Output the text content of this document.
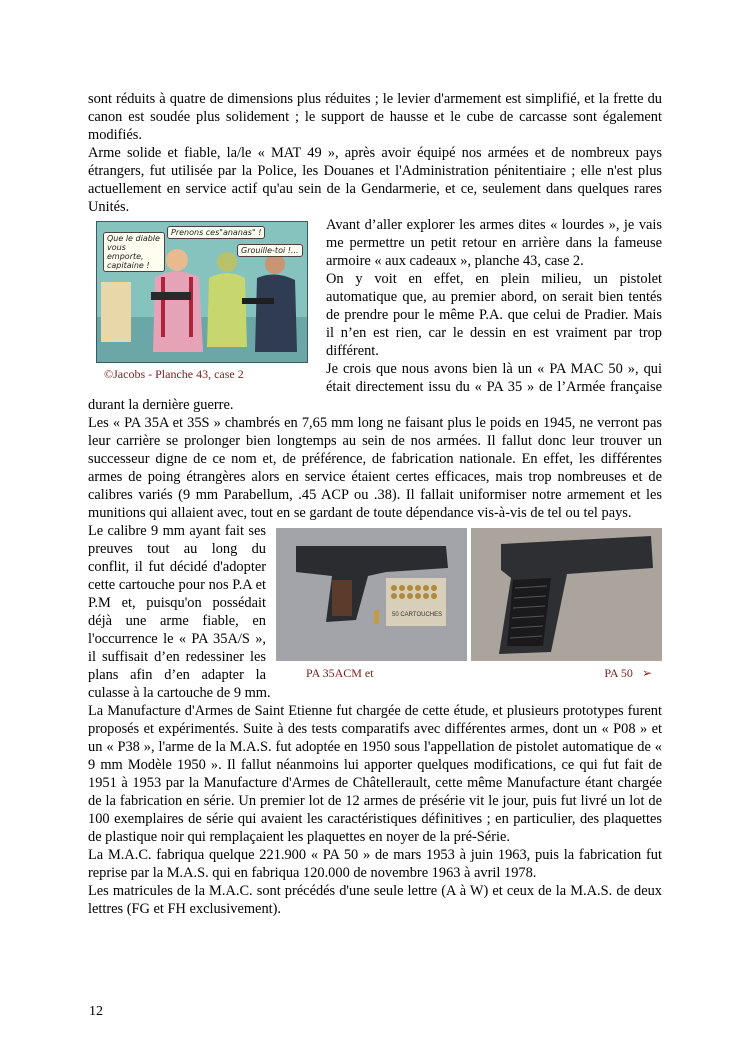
sont réduits à quatre de dimensions plus réduites ; le levier d'armement est simplifié, et la frette du canon est soudée plus solidement ; le support de hausse et le cube de carcasse sont également modifiés.

Arme solide et fiable, la/le « MAT 49 », après avoir équipé nos armées et de nombreux pays étrangers, fut utilisée par la Police, les Douanes et l'Administration pénitentiaire ; elle n'est plus actuellement en service actif qu'au sein de la Gendarmerie, et ce, seulement dans quelques rares Unités.

Que le diable vous emporte, capitaine !
Prenons ces"ananas" !
Grouille-toi !...
©Jacobs - Planche 43, case 2

Avant d’aller explorer les armes dites « lourdes », je vais me permettre un petit retour en arrière dans la fameuse armoire « aux cadeaux », planche 43, case 2.

On y voit en effet, en plein milieu, un pistolet automatique que, au premier abord, on serait bien tentés de prendre pour le même P.A. que celui de Pradier. Mais il n’en est rien, car le dessin en est vraiment par trop différent.

Je crois que nous avons bien là un « PA MAC 50 », qui était directement issu du « PA 35 » de l’Armée française durant la dernière guerre.

Les « PA 35A et 35S » chambrés en 7,65 mm long ne faisant plus le poids en 1945, ne verront pas leur carrière se prolonger bien longtemps au sein de nos armées. Il fallut donc leur trouver un successeur digne de ce nom et, de préférence, de fabrication nationale. En effet, les différentes armes de poing étrangères alors en service étaient certes efficaces, mais trop nombreuses et de calibres variés (9 mm Parabellum, .45 ACP ou .38). Il fallait uniformiser notre armement et les munitions qui allaient avec, tout en se gardant de toute dépendance vis-à-vis de tel ou tel pays.

50 CARTOUCHES
PA 35ACM et	PA 50 ➢

Le calibre 9 mm ayant fait ses preuves tout au long du conflit, il fut décidé d'adopter cette cartouche pour nos P.A et P.M et, puisqu'on possédait déjà une arme fiable, en l'occurrence le « PA 35A/S », il suffisait d’en redessiner les plans afin d’en adapter la culasse à la cartouche de 9 mm.

La Manufacture d'Armes de Saint Etienne fut chargée de cette étude, et plusieurs prototypes furent proposés et expérimentés. Suite à des tests comparatifs avec différentes armes, dont un « P08 » et un « P38 », l'arme de la M.A.S. fut adoptée en 1950 sous l'appellation de pistolet automatique de « 9 mm Modèle 1950 ». Il fallut néanmoins lui apporter quelques modifications, ce qui fut fait de 1951 à 1953 par la Manufacture d'Armes de Châtellerault, cette même Manufacture étant chargée de la fabrication en série. Un premier lot de 12 armes de présérie vit le jour, puis fut livré un lot de 100 exemplaires de série qui avaient les caractéristiques définitives ; en particulier, des plaquettes de plastique noir qui remplaçaient les plaquettes en noyer de la pré-Série.

La M.A.C. fabriqua quelque 221.900 « PA 50 » de mars 1953 à juin 1963, puis la fabrication fut reprise par la M.A.S. qui en fabriqua 120.000 de novembre 1963 à avril 1978.

Les matricules de la M.A.C. sont précédés d'une seule lettre (A à W) et ceux de la M.A.S. de deux lettres (FG et FH exclusivement).

12
